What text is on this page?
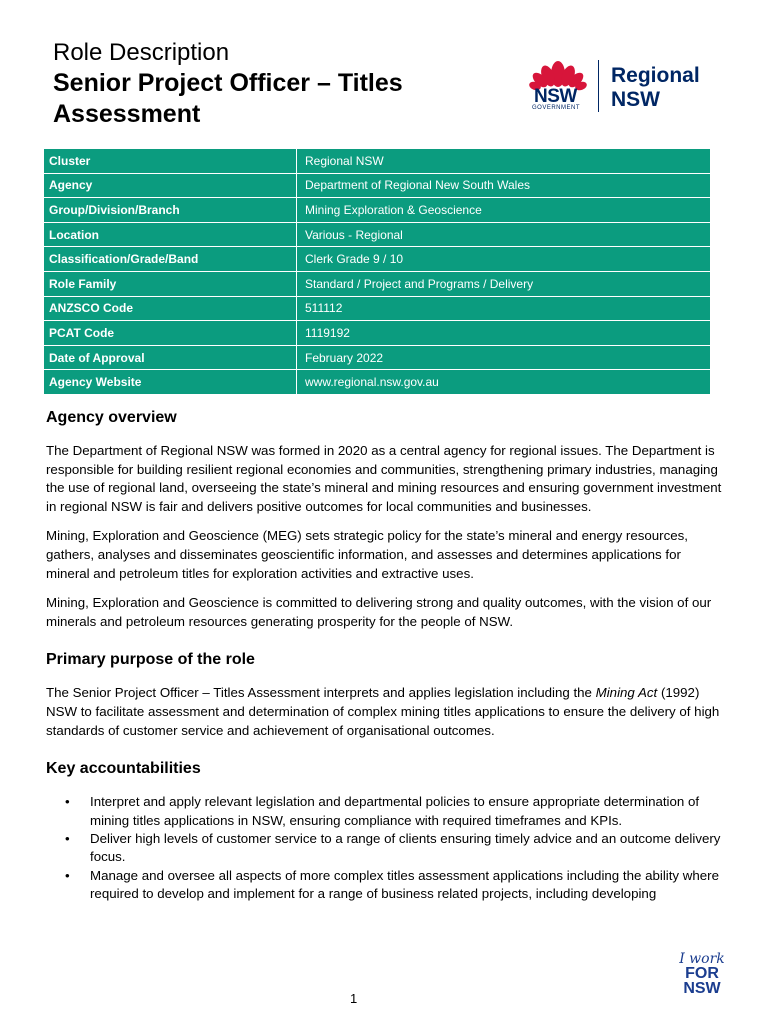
Role Description
Senior Project Officer – Titles Assessment
NSW
GOVERNMENT
Regional
NSW
Cluster	Regional NSW
Agency	Department of Regional New South Wales
Group/Division/Branch	Mining Exploration & Geoscience
Location	Various - Regional
Classification/Grade/Band	Clerk Grade 9 / 10
Role Family	Standard / Project and Programs / Delivery
ANZSCO Code	511112
PCAT Code	1119192
Date of Approval	February 2022
Agency Website	www.regional.nsw.gov.au
Agency overview

The Department of Regional NSW was formed in 2020 as a central agency for regional issues. The Department is responsible for building resilient regional economies and communities, strengthening primary industries, managing the use of regional land, overseeing the state’s mineral and mining resources and ensuring government investment in regional NSW is fair and delivers positive outcomes for local communities and businesses.

Mining, Exploration and Geoscience (MEG) sets strategic policy for the state’s mineral and energy resources, gathers, analyses and disseminates geoscientific information, and assesses and determines applications for mineral and petroleum titles for exploration activities and extractive uses.

Mining, Exploration and Geoscience is committed to delivering strong and quality outcomes, with the vision of our minerals and petroleum resources generating prosperity for the people of NSW.

Primary purpose of the role

The Senior Project Officer – Titles Assessment interprets and applies legislation including the Mining Act (1992) NSW to facilitate assessment and determination of complex mining titles applications to ensure the delivery of high standards of customer service and achievement of organisational outcomes.

Key accountabilities
• Interpret and apply relevant legislation and departmental policies to ensure appropriate determination of mining titles applications in NSW, ensuring compliance with required timeframes and KPIs.
• Deliver high levels of customer service to a range of clients ensuring timely advice and an outcome delivery focus.
• Manage and oversee all aspects of more complex titles assessment applications including the ability where required to develop and implement for a range of business related projects, including developing
1
I work
FOR
NSW
